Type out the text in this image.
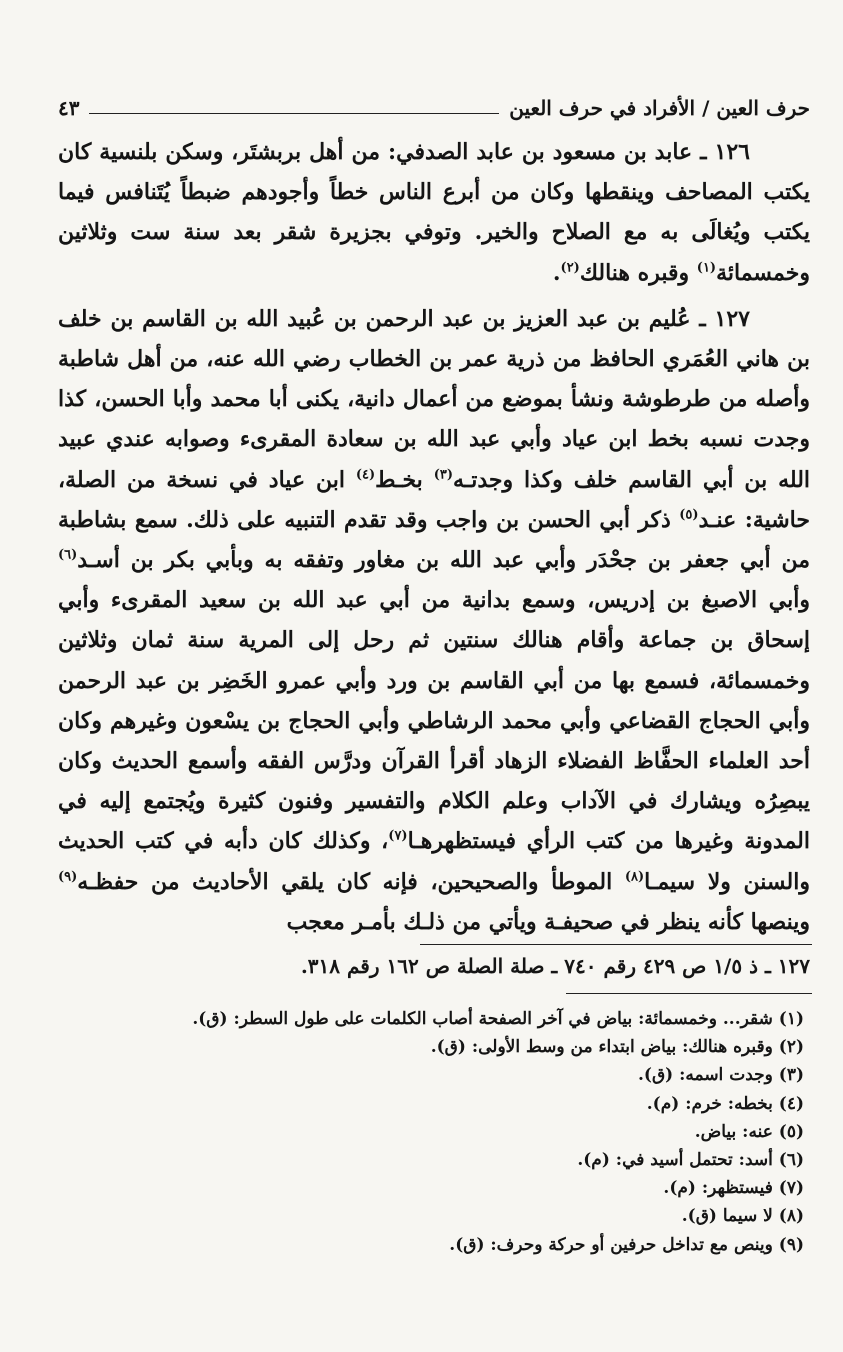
حرف العين / الأفراد في حرف العين
٤٣

١٢٦ ـ عابد بن مسعود بن عابد الصدفي: من أهل بربشتَر، وسكن بلنسية كان يكتب المصاحف وينقطها وكان من أبرع الناس خطاً وأجودهم ضبطاً يُتَنافس فيما يكتب ويُغالَى به مع الصلاح والخير. وتوفي بجزيرة شقر بعد سنة ست وثلاثين وخمسمائة$^{(١)}$ وقبره هنالك$^{(٢)}$.

١٢٧ ـ عُليم بن عبد العزيز بن عبد الرحمن بن عُبيد الله بن القاسم بن خلف بن هاني العُمَري الحافظ من ذرية عمر بن الخطاب رضي الله عنه، من أهل شاطبة وأصله من طرطوشة ونشأ بموضع من أعمال دانية، يكنى أبا محمد وأبا الحسن، كذا وجدت نسبه بخط ابن عياد وأبي عبد الله بن سعادة المقرىء وصوابه عندي عبيد الله بن أبي القاسم خلف وكذا وجدتـه$^{(٣)}$ بخـط$^{(٤)}$ ابن عياد في نسخة من الصلة، حاشية: عنـد$^{(٥)}$ ذكر أبي الحسن بن واجب وقد تقدم التنبيه على ذلك. سمع بشاطبة من أبي جعفر بن جحْدَر وأبي عبد الله بن مغاور وتفقه به وبأبي بكر بن أسـد$^{(٦)}$ وأبي الاصبغ بن إدريس، وسمع بدانية من أبي عبد الله بن سعيد المقرىء وأبي إسحاق بن جماعة وأقام هنالك سنتين ثم رحل إلى المرية سنة ثمان وثلاثين وخمسمائة، فسمع بها من أبي القاسم بن ورد وأبي عمرو الخَضِر بن عبد الرحمن وأبي الحجاج القضاعي وأبي محمد الرشاطي وأبي الحجاج بن يسْعون وغيرهم وكان أحد العلماء الحفَّاظ الفضلاء الزهاد أقرأ القرآن ودرَّس الفقه وأسمع الحديث وكان يبصِرُه ويشارك في الآداب وعلم الكلام والتفسير وفنون كثيرة ويُجتمع إليه في المدونة وغيرها من كتب الرأي فيستظهرهـا$^{(٧)}$، وكذلك كان دأبه في كتب الحديث والسنن ولا سيمـا$^{(٨)}$ الموطأ والصحيحين، فإنه كان يلقي الأحاديث من حفظـه$^{(٩)}$ وينصها كأنه ينظر في صحيفـة ويأتي من ذلـك بأمـر معجب

١٢٧ ـ ذ ١/٥ ص ٤٢٩ رقم ٧٤٠ ـ صلة الصلة ص ١٦٢ رقم ٣١٨.
(١) شقر... وخمسمائة: بياض في آخر الصفحة أصاب الكلمات على طول السطر: (ق).
(٢) وقبره هنالك: بياض ابتداء من وسط الأولى: (ق).
(٣) وجدت اسمه: (ق).
(٤) بخطه: خرم: (م).
(٥) عنه: بياض.
(٦) أسد: تحتمل أسيد في: (م).
(٧) فيستظهر: (م).
(٨) لا سيما (ق).
(٩) وينص مع تداخل حرفين أو حركة وحرف: (ق).
